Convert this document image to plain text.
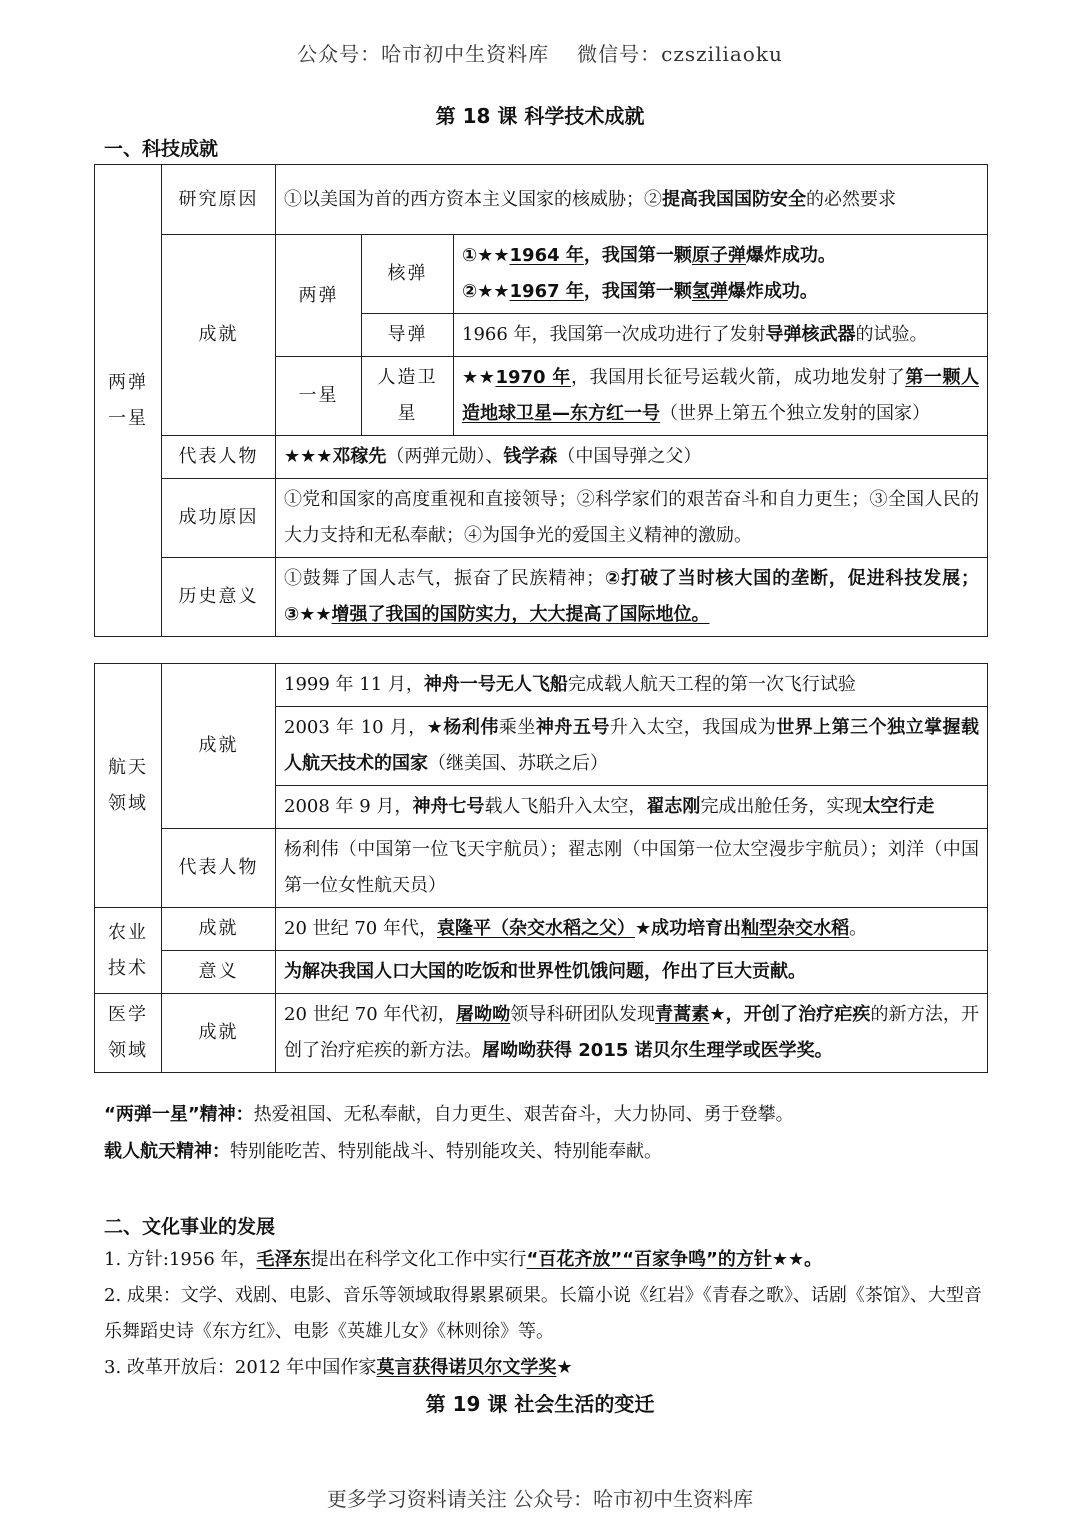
公众号：哈市初中生资料库 微信号：czsziliaoku
第 18 课 科学技术成就
一、科技成就
两弹一星	研究原因	①以美国为首的西方资本主义国家的核威胁；②提高我国国防安全的必然要求		
	成就	两弹	核弹	①★★1964 年，我国第一颗原子弹爆炸成功。
②★★1967 年，我国第一颗氢弹爆炸成功。
			导弹	1966 年，我国第一次成功进行了发射导弹核武器的试验。
		一星	人造卫星	★★1970 年，我国用长征号运载火箭，成功地发射了第一颗人造地球卫星—东方红一号（世界上第五个独立发射的国家）
	代表人物	★★★邓稼先（两弹元勋）、钱学森（中国导弹之父）		
	成功原因	①党和国家的高度重视和直接领导；②科学家们的艰苦奋斗和自力更生；③全国人民的大力支持和无私奉献；④为国争光的爱国主义精神的激励。		
	历史意义	①鼓舞了国人志气，振奋了民族精神；②打破了当时核大国的垄断，促进科技发展；③★★增强了我国的国防实力，大大提高了国际地位。		
航天领域	成就	1999 年 11 月，神舟一号无人飞船完成载人航天工程的第一次飞行试验
		2003 年 10 月，★杨利伟乘坐神舟五号升入太空，我国成为世界上第三个独立掌握载人航天技术的国家（继美国、苏联之后）
		2008 年 9 月，神舟七号载人飞船升入太空，翟志刚完成出舱任务，实现太空行走
	代表人物	杨利伟（中国第一位飞天宇航员）；翟志刚（中国第一位太空漫步宇航员）；刘洋（中国第一位女性航天员）
农业技术	成就	20 世纪 70 年代，袁隆平（杂交水稻之父）★成功培育出籼型杂交水稻。
	意义	为解决我国人口大国的吃饭和世界性饥饿问题，作出了巨大贡献。
医学领域	成就	20 世纪 70 年代初，屠呦呦领导科研团队发现青蒿素★，开创了治疗疟疾的新方法，开创了治疗疟疾的新方法。屠呦呦获得 2015 诺贝尔生理学或医学奖。
“两弹一星”精神：热爱祖国、无私奉献，自力更生、艰苦奋斗，大力协同、勇于登攀。
载人航天精神：特别能吃苦、特别能战斗、特别能攻关、特别能奉献。
二、文化事业的发展
1. 方针:1956 年，毛泽东提出在科学文化工作中实行“百花齐放”“百家争鸣”的方针★★。
2. 成果：文学、戏剧、电影、音乐等领域取得累累硕果。长篇小说《红岩》《青春之歌》、话剧《茶馆》、大型音乐舞蹈史诗《东方红》、电影《英雄儿女》《林则徐》等。
3. 改革开放后：2012 年中国作家莫言获得诺贝尔文学奖★
第 19 课 社会生活的变迁
更多学习资料请关注 公众号：哈市初中生资料库
